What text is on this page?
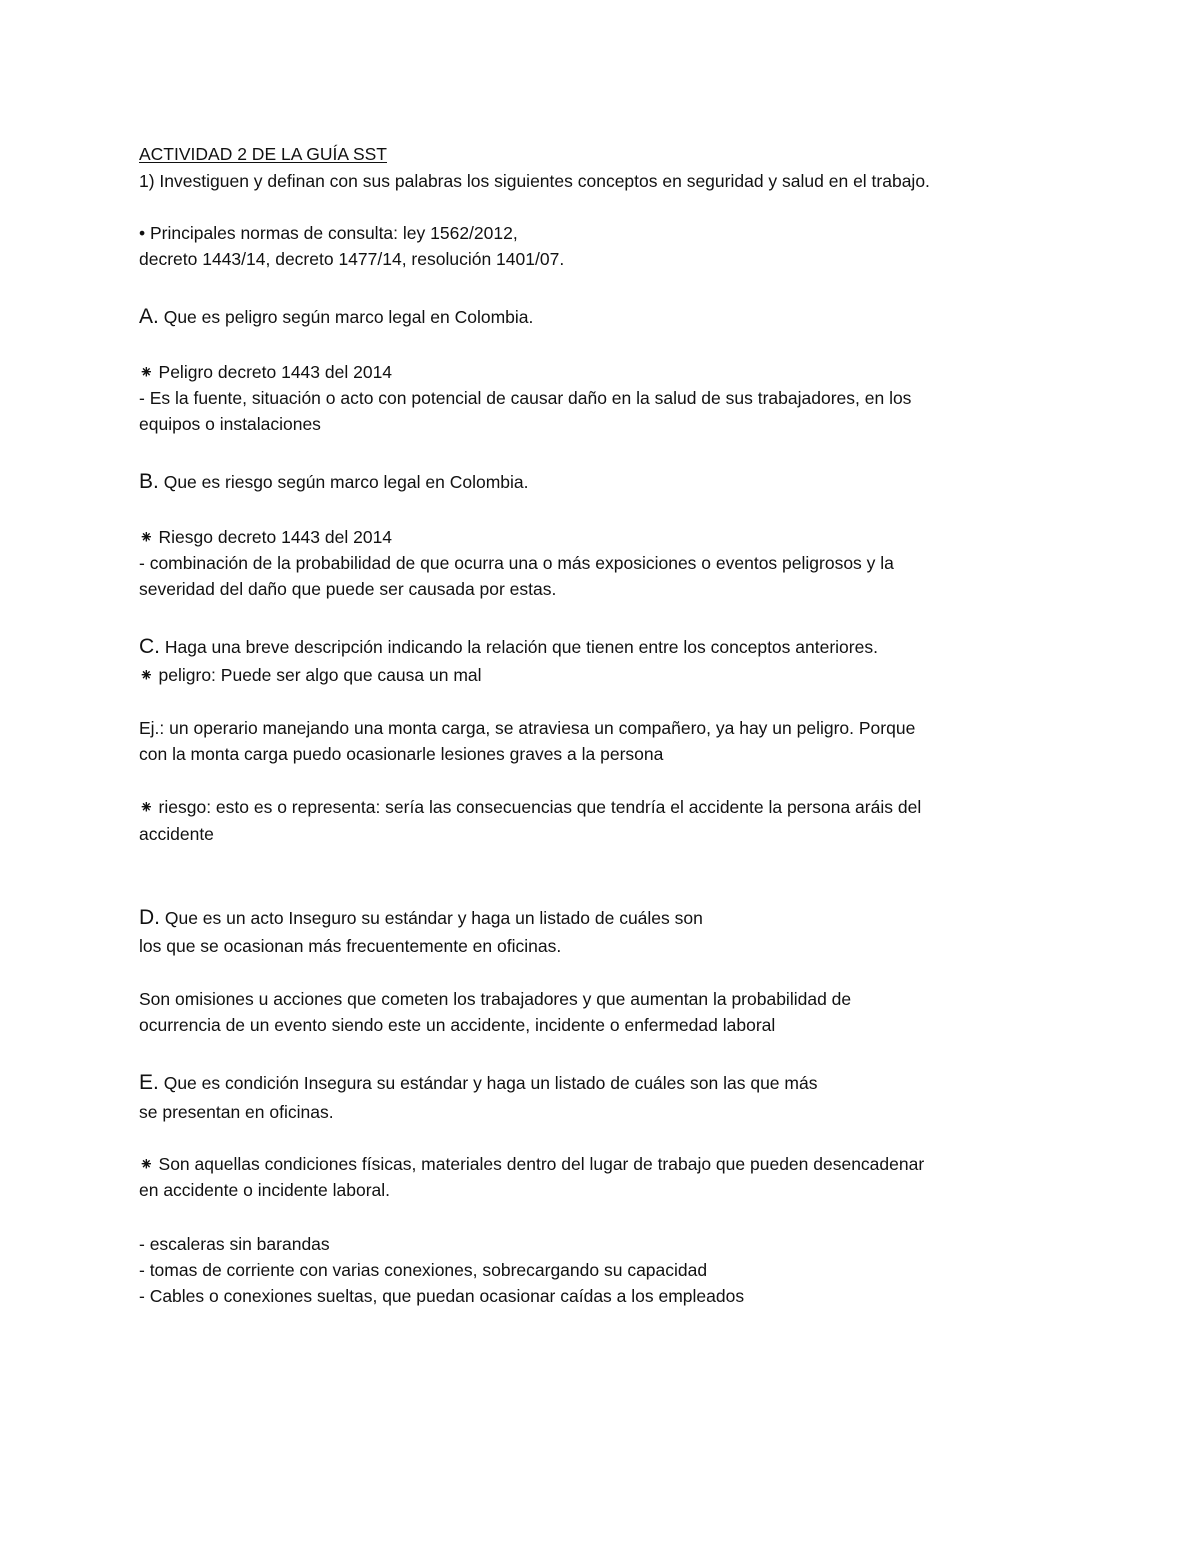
ACTIVIDAD 2 DE LA GUÍA SST

1) Investiguen y definan con sus palabras los siguientes conceptos en seguridad y salud en el trabajo.

• Principales normas de consulta: ley 1562/2012,

decreto 1443/14, decreto 1477/14, resolución 1401/07.

A. Que es peligro según marco legal en Colombia.

⁕ Peligro decreto 1443 del 2014

- Es la fuente, situación o acto con potencial de causar daño en la salud de sus trabajadores, en los

equipos o instalaciones

B. Que es riesgo según marco legal en Colombia.

⁕ Riesgo decreto 1443 del 2014

- combinación de la probabilidad de que ocurra una o más exposiciones o eventos peligrosos y la

severidad del daño que puede ser causada por estas.

C. Haga una breve descripción indicando la relación que tienen entre los conceptos anteriores.

⁕ peligro: Puede ser algo que causa un mal

Ej.: un operario manejando una monta carga, se atraviesa un compañero, ya hay un peligro. Porque

con la monta carga puedo ocasionarle lesiones graves a la persona

⁕ riesgo: esto es o representa: sería las consecuencias que tendría el accidente la persona aráis del

accidente

D. Que es un acto Inseguro su estándar y haga un listado de cuáles son

los que se ocasionan más frecuentemente en oficinas.

Son omisiones u acciones que cometen los trabajadores y que aumentan la probabilidad de

ocurrencia de un evento siendo este un accidente, incidente o enfermedad laboral

E. Que es condición Insegura su estándar y haga un listado de cuáles son las que más

se presentan en oficinas.

⁕ Son aquellas condiciones físicas, materiales dentro del lugar de trabajo que pueden desencadenar

en accidente o incidente laboral.

- escaleras sin barandas

- tomas de corriente con varias conexiones, sobrecargando su capacidad

- Cables o conexiones sueltas, que puedan ocasionar caídas a los empleados
